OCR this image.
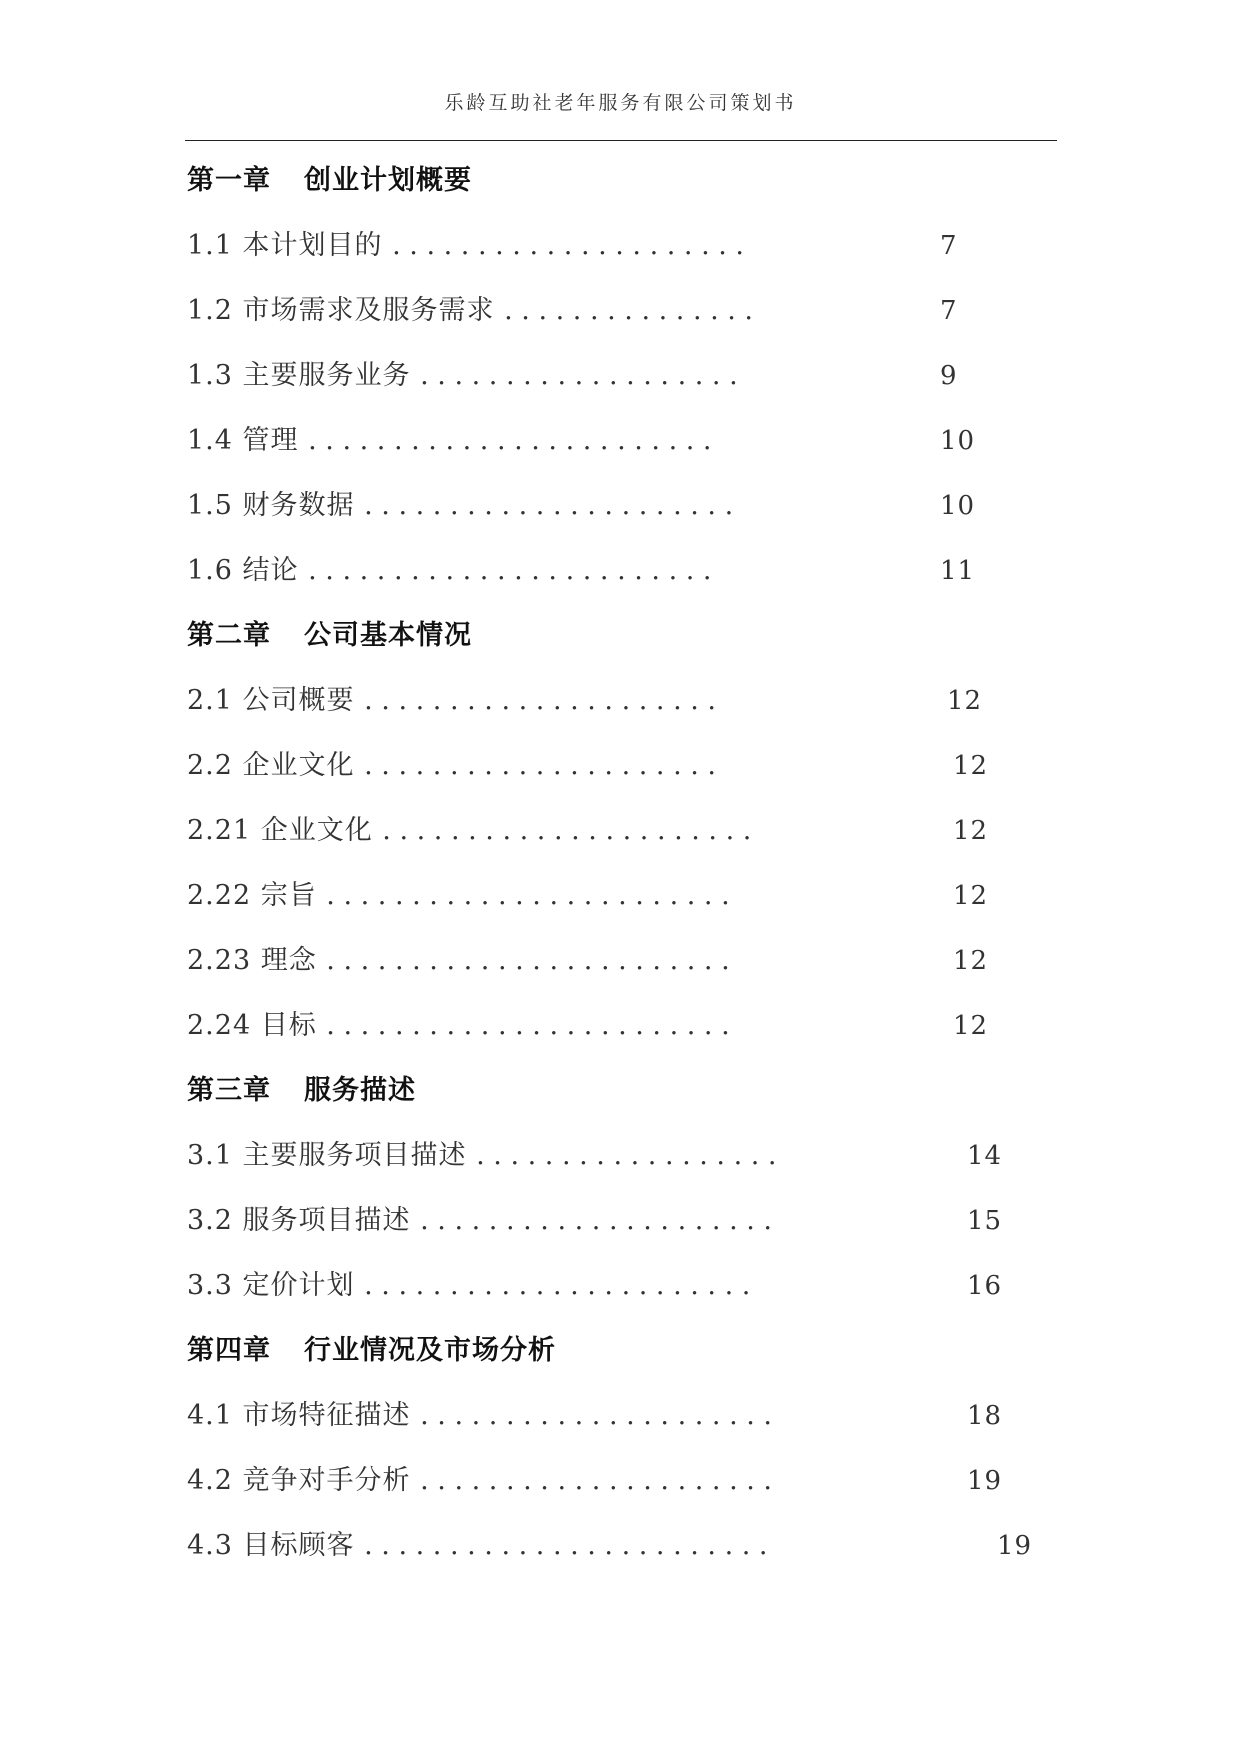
乐龄互助社老年服务有限公司策划书
第一章 创业计划概要
1.1 本计划目的 . . . . . . . . . . . . . . . . . . . . .	7
1.2 市场需求及服务需求 . . . . . . . . . . . . . . .	7
1.3 主要服务业务 . . . . . . . . . . . . . . . . . . .	9
1.4 管理 . . . . . . . . . . . . . . . . . . . . . . . .	10
1.5 财务数据 . . . . . . . . . . . . . . . . . . . . . .	10
1.6 结论 . . . . . . . . . . . . . . . . . . . . . . . .	11
第二章 公司基本情况
2.1 公司概要 . . . . . . . . . . . . . . . . . . . . .	12
2.2 企业文化 . . . . . . . . . . . . . . . . . . . . .	12
2.21 企业文化 . . . . . . . . . . . . . . . . . . . . . .	12
2.22 宗旨 . . . . . . . . . . . . . . . . . . . . . . . .	12
2.23 理念 . . . . . . . . . . . . . . . . . . . . . . . .	12
2.24 目标 . . . . . . . . . . . . . . . . . . . . . . . .	12
第三章 服务描述
3.1 主要服务项目描述 . . . . . . . . . . . . . . . . . .	14
3.2 服务项目描述 . . . . . . . . . . . . . . . . . . . . .	15
3.3 定价计划 . . . . . . . . . . . . . . . . . . . . . . .	16
第四章 行业情况及市场分析
4.1 市场特征描述 . . . . . . . . . . . . . . . . . . . . .	18
4.2 竞争对手分析 . . . . . . . . . . . . . . . . . . . . .	19
4.3 目标顾客 . . . . . . . . . . . . . . . . . . . . . . . .	19
